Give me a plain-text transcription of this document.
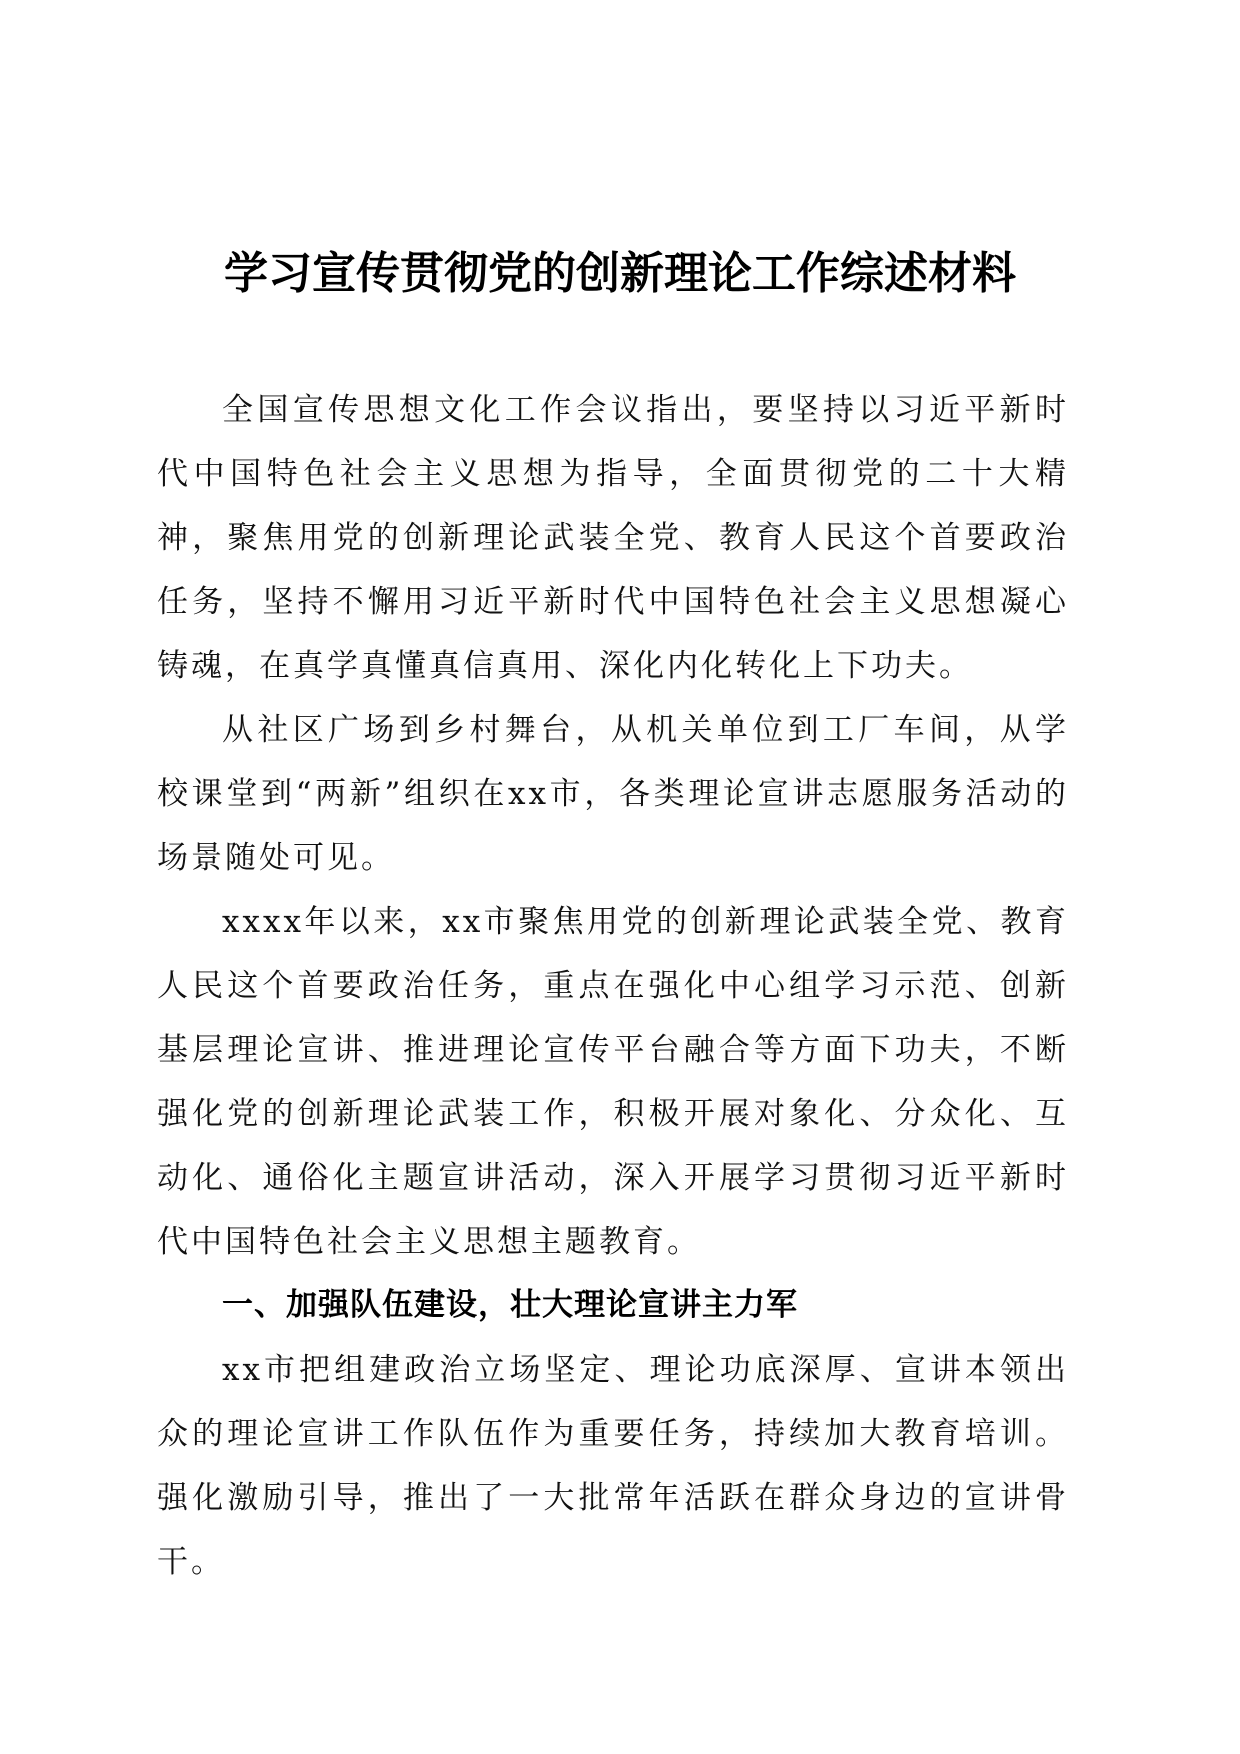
学习宣传贯彻党的创新理论工作综述材料

全国宣传思想文化工作会议指出，要坚持以习近平新时代中国特色社会主义思想为指导，全面贯彻党的二十大精神，聚焦用党的创新理论武装全党、教育人民这个首要政治任务，坚持不懈用习近平新时代中国特色社会主义思想凝心铸魂，在真学真懂真信真用、深化内化转化上下功夫。

从社区广场到乡村舞台，从机关单位到工厂车间，从学校课堂到“两新”组织在xx市，各类理论宣讲志愿服务活动的场景随处可见。

xxxx年以来，xx市聚焦用党的创新理论武装全党、教育人民这个首要政治任务，重点在强化中心组学习示范、创新基层理论宣讲、推进理论宣传平台融合等方面下功夫，不断强化党的创新理论武装工作，积极开展对象化、分众化、互动化、通俗化主题宣讲活动，深入开展学习贯彻习近平新时代中国特色社会主义思想主题教育。

一、加强队伍建设，壮大理论宣讲主力军

xx市把组建政治立场坚定、理论功底深厚、宣讲本领出众的理论宣讲工作队伍作为重要任务，持续加大教育培训。强化激励引导，推出了一大批常年活跃在群众身边的宣讲骨干。
